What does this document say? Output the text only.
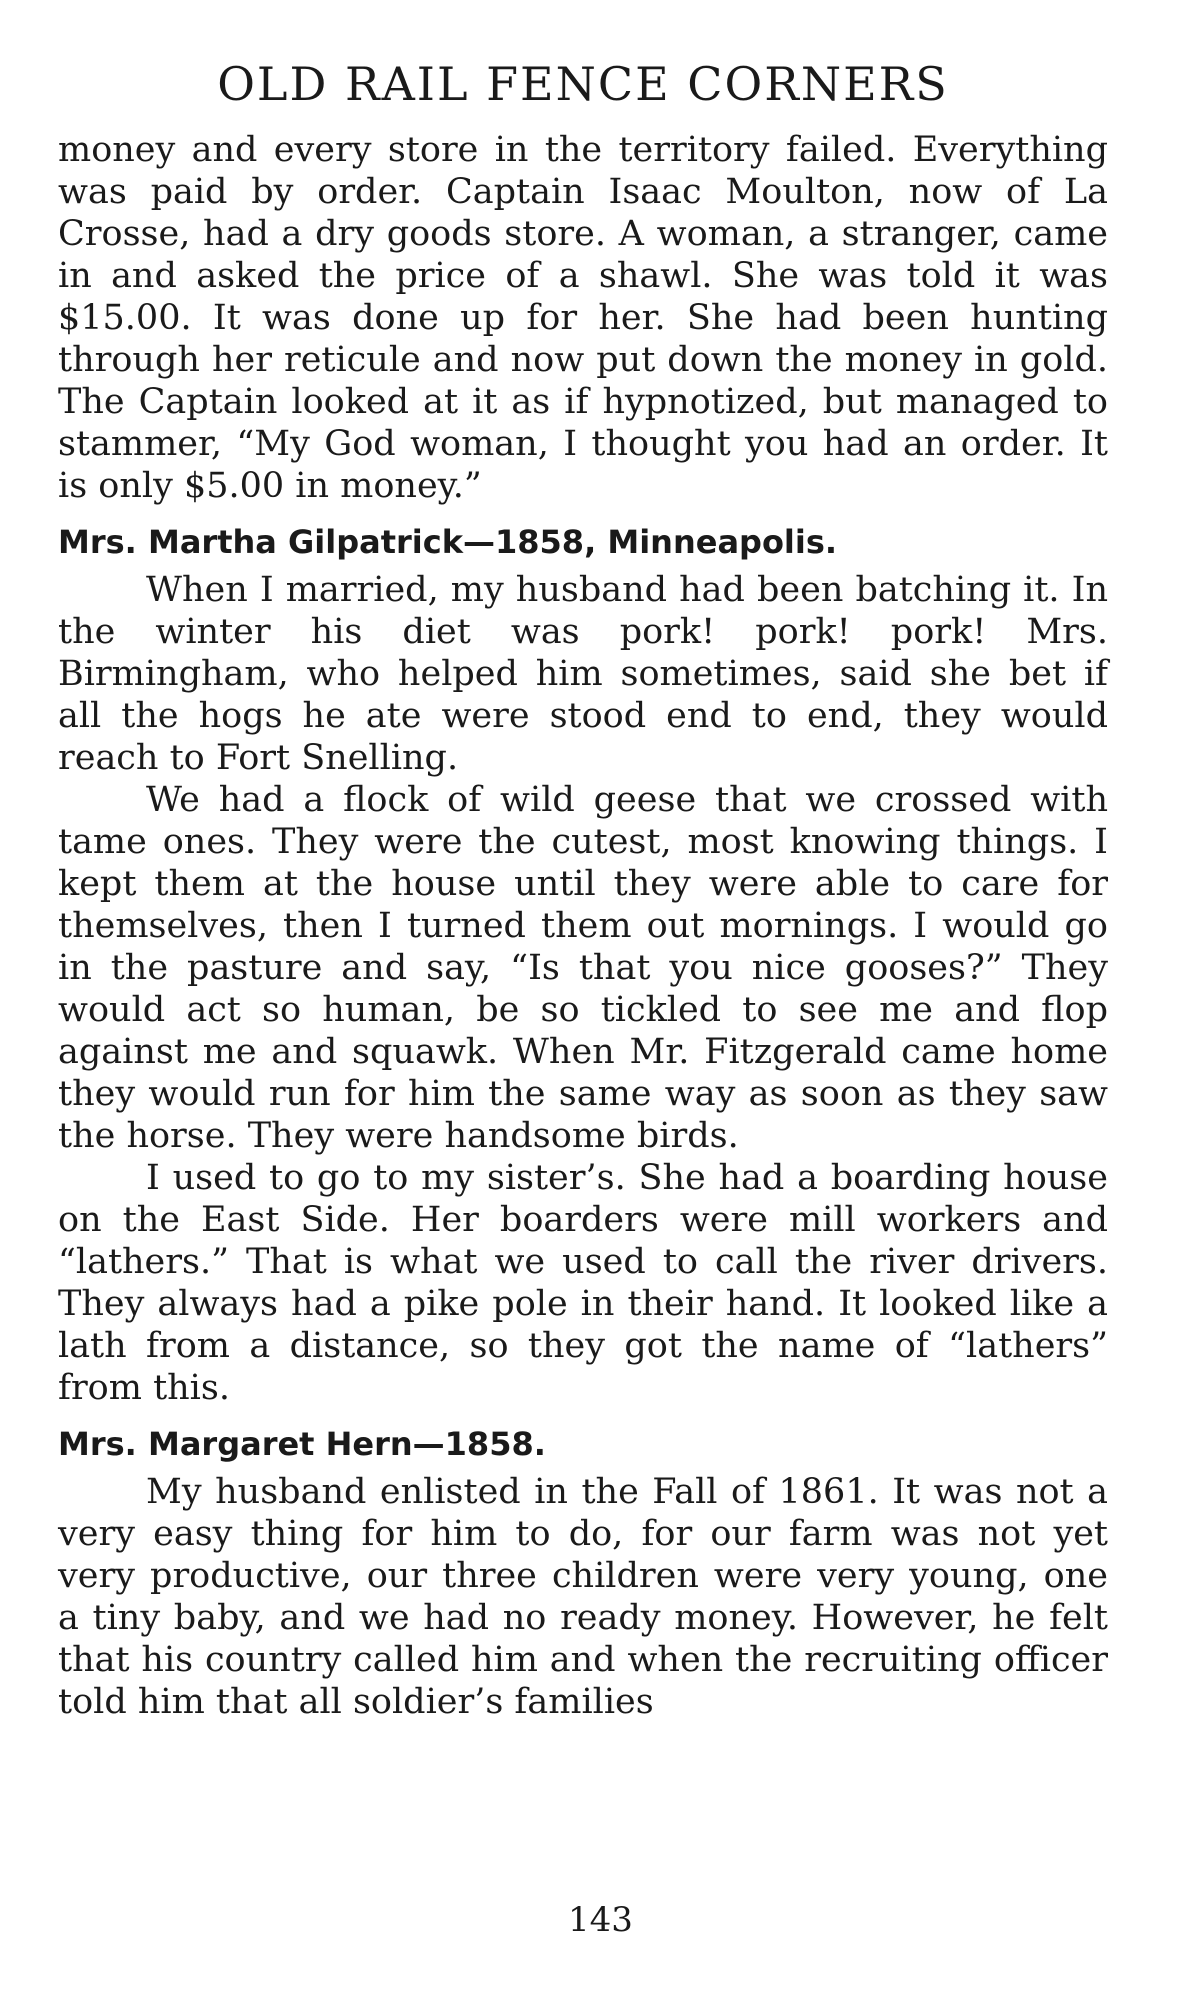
OLD RAIL FENCE CORNERS

money and every store in the territory failed. Everything was paid by order. Captain Isaac Moulton, now of La Crosse, had a dry goods store. A woman, a stranger, came in and asked the price of a shawl. She was told it was $15.00. It was done up for her. She had been hunting through her reticule and now put down the money in gold. The Captain looked at it as if hypnotized, but managed to stammer, “My God woman, I thought you had an order. It is only $5.00 in money.”

Mrs. Martha Gilpatrick—1858, Minneapolis.

When I married, my husband had been batching it. In the winter his diet was pork! pork! pork! Mrs. Birmingham, who helped him sometimes, said she bet if all the hogs he ate were stood end to end, they would reach to Fort Snelling.

We had a flock of wild geese that we crossed with tame ones. They were the cutest, most knowing things. I kept them at the house until they were able to care for themselves, then I turned them out mornings. I would go in the pasture and say, “Is that you nice gooses?” They would act so human, be so tickled to see me and flop against me and squawk. When Mr. Fitzgerald came home they would run for him the same way as soon as they saw the horse. They were handsome birds.

I used to go to my sister’s. She had a boarding house on the East Side. Her boarders were mill workers and “lathers.” That is what we used to call the river drivers. They always had a pike pole in their hand. It looked like a lath from a distance, so they got the name of “lathers” from this.

Mrs. Margaret Hern—1858.

My husband enlisted in the Fall of 1861. It was not a very easy thing for him to do, for our farm was not yet very productive, our three children were very young, one a tiny baby, and we had no ready money. However, he felt that his country called him and when the recruiting officer told him that all soldier’s families

143
